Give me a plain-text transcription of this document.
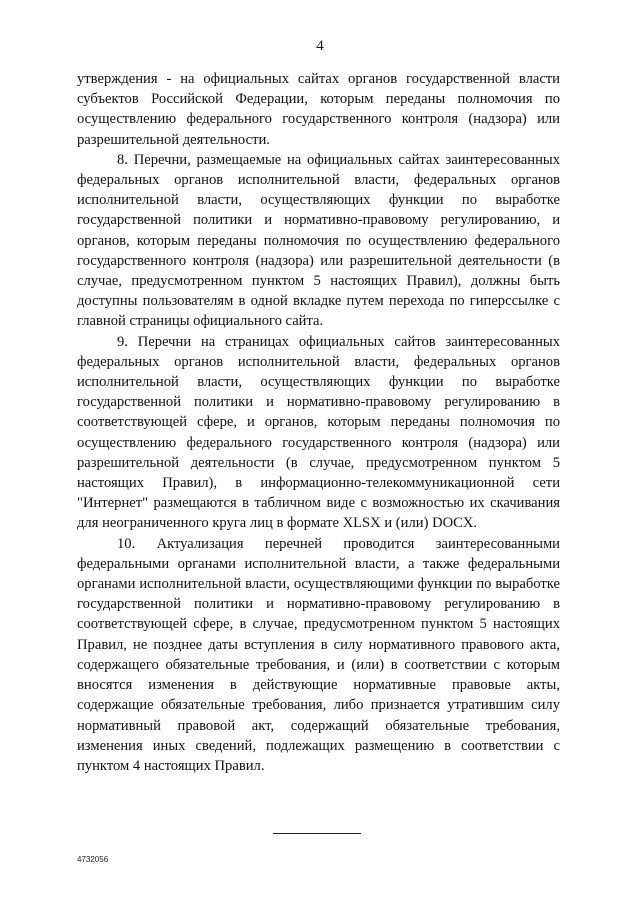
4

утверждения - на официальных сайтах органов государственной власти субъектов Российской Федерации, которым переданы полномочия по осуществлению федерального государственного контроля (надзора) или разрешительной деятельности.

8. Перечни, размещаемые на официальных сайтах заинтересованных федеральных органов исполнительной власти, федеральных органов исполнительной власти, осуществляющих функции по выработке государственной политики и нормативно-правовому регулированию, и органов, которым переданы полномочия по осуществлению федерального государственного контроля (надзора) или разрешительной деятельности (в случае, предусмотренном пунктом 5 настоящих Правил), должны быть доступны пользователям в одной вкладке путем перехода по гиперссылке с главной страницы официального сайта.

9. Перечни на страницах официальных сайтов заинтересованных федеральных органов исполнительной власти, федеральных органов исполнительной власти, осуществляющих функции по выработке государственной политики и нормативно-правовому регулированию в соответствующей сфере, и органов, которым переданы полномочия по осуществлению федерального государственного контроля (надзора) или разрешительной деятельности (в случае, предусмотренном пунктом 5 настоящих Правил), в информационно-телекоммуникационной сети "Интернет" размещаются в табличном виде с возможностью их скачивания для неограниченного круга лиц в формате XLSX и (или) DOCX.

10. Актуализация перечней проводится заинтересованными федеральными органами исполнительной власти, а также федеральными органами исполнительной власти, осуществляющими функции по выработке государственной политики и нормативно-правовому регулированию в соответствующей сфере, в случае, предусмотренном пунктом 5 настоящих Правил, не позднее даты вступления в силу нормативного правового акта, содержащего обязательные требования, и (или) в соответствии с которым вносятся изменения в действующие нормативные правовые акты, содержащие обязательные требования, либо признается утратившим силу нормативный правовой акт, содержащий обязательные требования, изменения иных сведений, подлежащих размещению в соответствии с пунктом 4 настоящих Правил.

4732056
